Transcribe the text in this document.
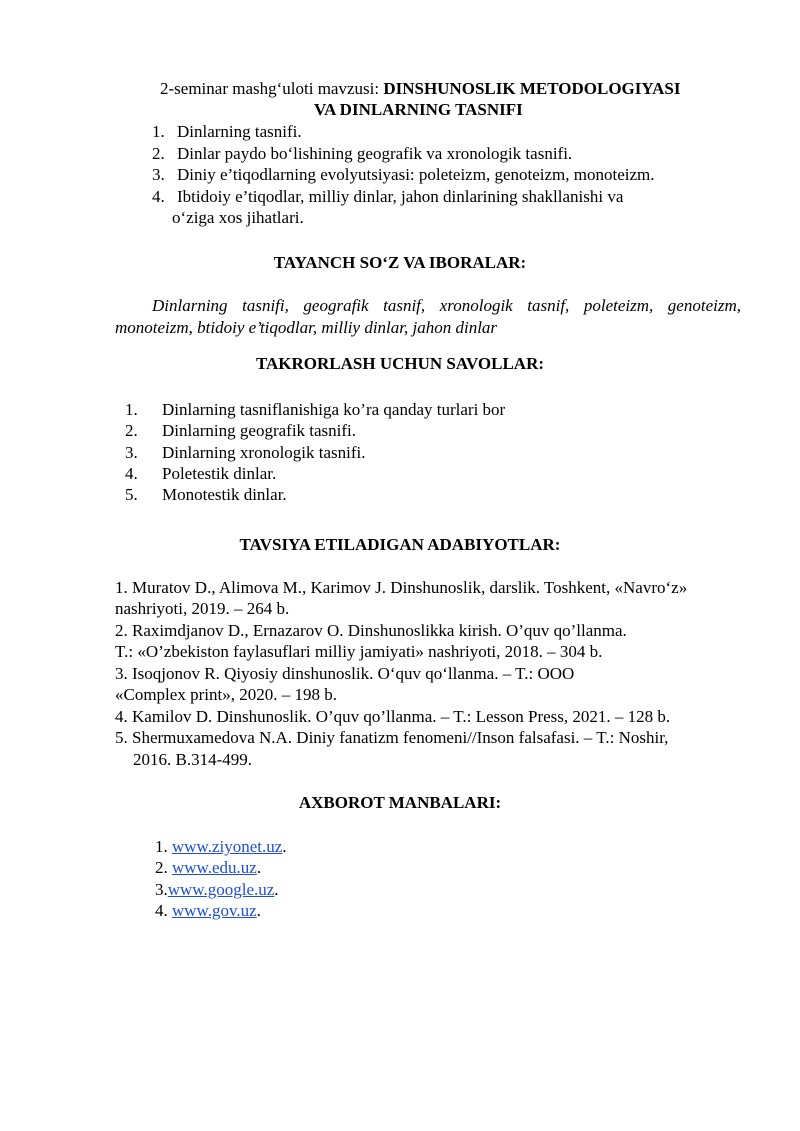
2-seminar mashg‘uloti mavzusi: DINSHUNOSLIK METODOLOGIYASI
VA DINLARNING TASNIFI
1. Dinlarning tasnifi.
2. Dinlar paydo bo‘lishining geografik va xronologik tasnifi.
3. Diniy e’tiqodlarning evolyutsiyasi: poleteizm, genoteizm, monoteizm.
4. Ibtidoiy e’tiqodlar, milliy dinlar, jahon dinlarining shakllanishi va
o‘ziga xos jihatlari.
TAYANCH SO‘Z VA IBORALAR:
Dinlarning tasnifi, geografik tasnif, xronologik tasnif, poleteizm, genoteizm,
monoteizm, btidoiy e’tiqodlar, milliy dinlar, jahon dinlar
TAKRORLASH UCHUN SAVOLLAR:
1. Dinlarning tasniflanishiga ko’ra qanday turlari bor
2. Dinlarning geografik tasnifi.
3. Dinlarning xronologik tasnifi.
4. Poletestik dinlar.
5. Monotestik dinlar.
TAVSIYA ETILADIGAN ADABIYOTLAR:
1. Muratov D., Alimova M., Karimov J. Dinshunoslik, darslik. Toshkent, «Navro‘z»
nashriyoti, 2019. – 264 b.
2. Raximdjanov D., Ernazarov O. Dinshunoslikka kirish. O’quv qo’llanma.
T.: «O’zbekiston faylasuflari milliy jamiyati» nashriyoti, 2018. – 304 b.
3. Isoqjonov R. Qiyosiy dinshunoslik. O‘quv qo‘llanma. – T.: OOO
«Complex print», 2020. – 198 b.
4. Kamilov D. Dinshunoslik. O’quv qo’llanma. – T.: Lesson Press, 2021. – 128 b.
5. Shermuxamedova N.A. Diniy fanatizm fenomeni//Inson falsafasi. – T.: Noshir,
2016. B.314-499.
AXBOROT MANBALARI:
1. www.ziyonet.uz.
2. www.edu.uz.
3.www.google.uz.
4. www.gov.uz.
